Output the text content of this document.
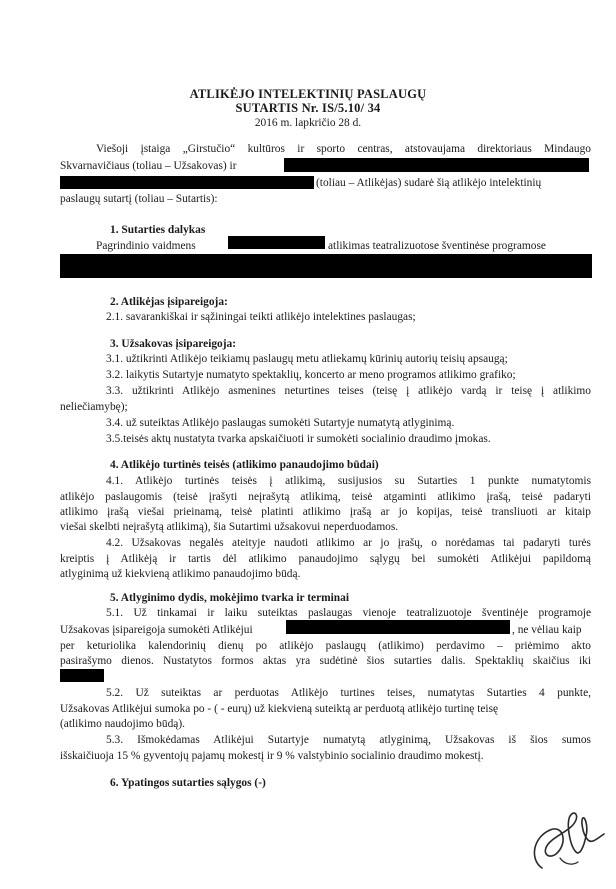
ATLIKĖJO INTELEKTINIŲ PASLAUGŲ
SUTARTIS Nr. IS/5.10/ 34
2016 m. lapkričio 28 d.
Viešoji įstaiga „Girstučio“ kultūros ir sporto centras, atstovaujama direktoriaus Mindaugo
Skvarnavičiaus (toliau – Užsakovas) ir
(toliau – Atlikėjas) sudarė šią atlikėjo intelektinių
paslaugų sutartį (toliau – Sutartis):
1. Sutarties dalykas
Pagrindinio vaidmens	atlikimas teatralizuotose šventinėse programose
2. Atlikėjas įsipareigoja:
2.1. savarankiškai ir sąžiningai teikti atlikėjo intelektines paslaugas;
3. Užsakovas įsipareigoja:
3.1. užtikrinti Atlikėjo teikiamų paslaugų metu atliekamų kūrinių autorių teisių apsaugą;
3.2. laikytis Sutartyje numatyto spektaklių, koncerto ar meno programos atlikimo grafiko;
3.3. užtikrinti Atlikėjo asmenines neturtines teises (teisę į atlikėjo vardą ir teisę į atlikimo
neliečiamybę);
3.4. už suteiktas Atlikėjo paslaugas sumokėti Sutartyje numatytą atlyginimą.
3.5.teisės aktų nustatyta tvarka apskaičiuoti ir sumokėti socialinio draudimo įmokas.
4. Atlikėjo turtinės teisės (atlikimo panaudojimo būdai)
4.1. Atlikėjo turtinės teisės į atlikimą, susijusios su Sutarties 1 punkte numatytomis
atlikėjo paslaugomis (teisė įrašyti neįrašytą atlikimą, teisė atgaminti atlikimo įrašą, teisė padaryti
atlikimo įrašą viešai prieinamą, teisė platinti atlikimo įrašą ar jo kopijas, teisė transliuoti ar kitaip
viešai skelbti neįrašytą atlikimą), šia Sutartimi užsakovui neperduodamos.
4.2. Užsakovas negalės ateityje naudoti atlikimo ar jo įrašų, o norėdamas tai padaryti turės
kreiptis į Atlikėją ir tartis dėl atlikimo panaudojimo sąlygų bei sumokėti Atlikėjui papildomą
atlyginimą už kiekvieną atlikimo panaudojimo būdą.
5. Atlyginimo dydis, mokėjimo tvarka ir terminai
5.1. Už tinkamai ir laiku suteiktas paslaugas vienoje teatralizuotoje šventinėje programoje
Užsakovas įsipareigoja sumokėti Atlikėjui	, ne vėliau kaip
per keturiolika kalendorinių dienų po atlikėjo paslaugų (atlikimo) perdavimo – priėmimo akto
pasirašymo dienos. Nustatytos formos aktas yra sudėtinė šios sutarties dalis. Spektaklių skaičius iki
5.2. Už suteiktas ar perduotas Atlikėjo turtines teises, numatytas Sutarties 4 punkte,
Užsakovas Atlikėjui sumoka po - ( - eurų) už kiekvieną suteiktą ar perduotą atlikėjo turtinę teisę
(atlikimo naudojimo būdą).
5.3. Išmokėdamas Atlikėjui Sutartyje numatytą atlyginimą, Užsakovas iš šios sumos
išskaičiuoja 15 % gyventojų pajamų mokestį ir 9 % valstybinio socialinio draudimo mokestį.
6. Ypatingos sutarties sąlygos (-)
